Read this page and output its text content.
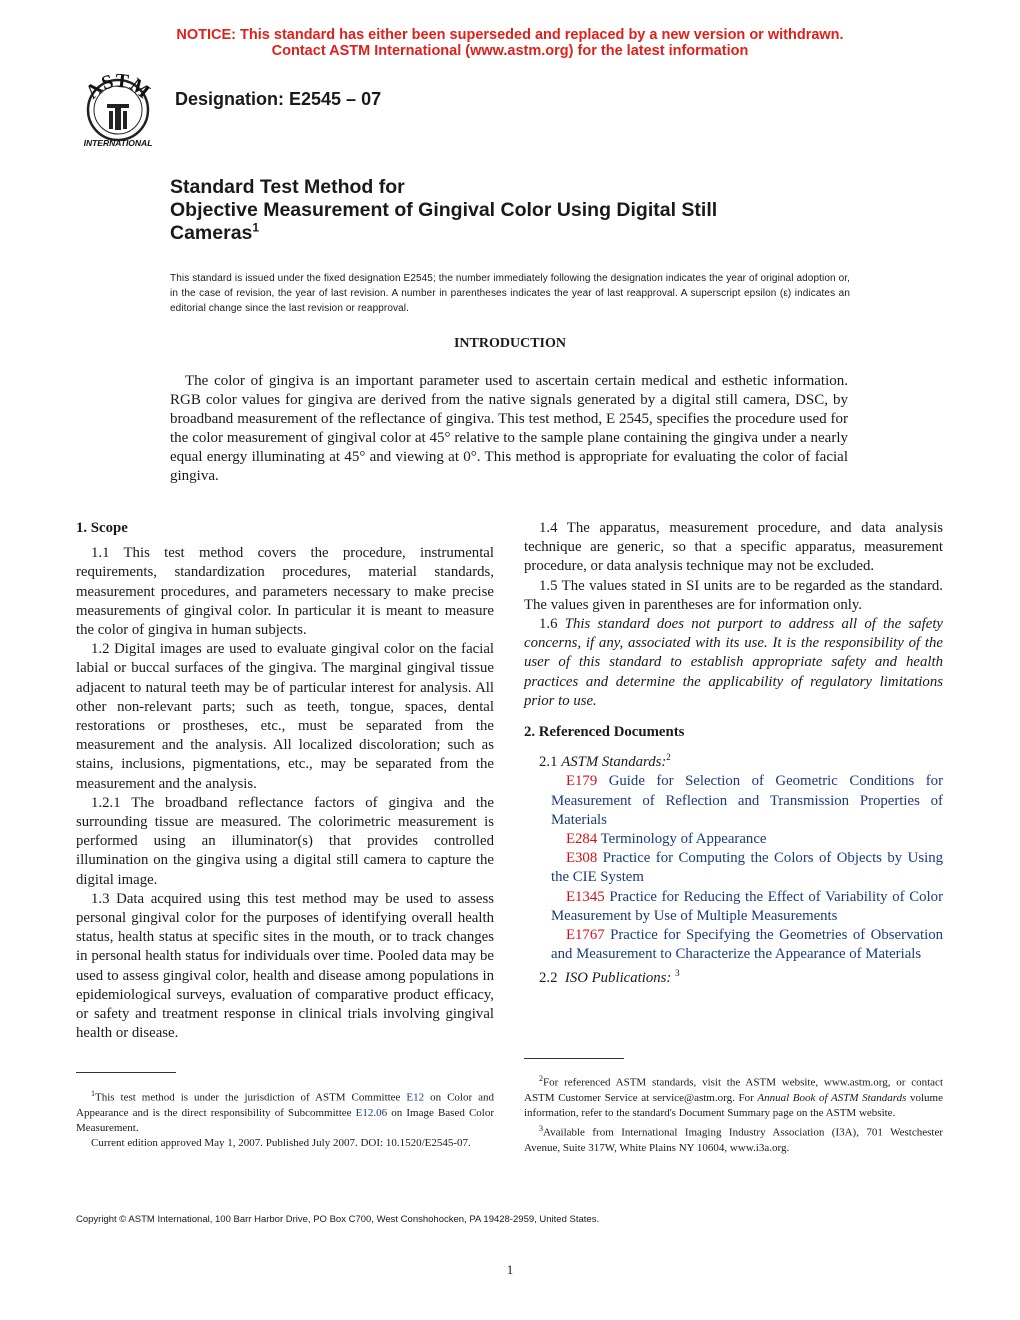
NOTICE: This standard has either been superseded and replaced by a new version or withdrawn.
Contact ASTM International (www.astm.org) for the latest information
ASTM
INTERNATIONAL
Designation: E2545 – 07
Standard Test Method for
Objective Measurement of Gingival Color Using Digital Still
Cameras$^1$
This standard is issued under the fixed designation E2545; the number immediately following the designation indicates the year of original adoption or, in the case of revision, the year of last revision. A number in parentheses indicates the year of last reapproval. A superscript epsilon (ε) indicates an editorial change since the last revision or reapproval.
INTRODUCTION

The color of gingiva is an important parameter used to ascertain certain medical and esthetic information. RGB color values for gingiva are derived from the native signals generated by a digital still camera, DSC, by broadband measurement of the reflectance of gingiva. This test method, E 2545, specifies the procedure used for the color measurement of gingival color at 45° relative to the sample plane containing the gingiva under a nearly equal energy illuminating at 45° and viewing at 0°. This method is appropriate for evaluating the color of facial gingiva.

1. Scope

1.1 This test method covers the procedure, instrumental requirements, standardization procedures, material standards, measurement procedures, and parameters necessary to make precise measurements of gingival color. In particular it is meant to measure the color of gingiva in human subjects.

1.2 Digital images are used to evaluate gingival color on the facial labial or buccal surfaces of the gingiva. The marginal gingival tissue adjacent to natural teeth may be of particular interest for analysis. All other non-relevant parts; such as teeth, tongue, spaces, dental restorations or prostheses, etc., must be separated from the measurement and the analysis. All localized discoloration; such as stains, inclusions, pigmentations, etc., may be separated from the measurement and the analysis.

1.2.1 The broadband reflectance factors of gingiva and the surrounding tissue are measured. The colorimetric measurement is performed using an illuminator(s) that provides controlled illumination on the gingiva using a digital still camera to capture the digital image.

1.3 Data acquired using this test method may be used to assess personal gingival color for the purposes of identifying overall health status, health status at specific sites in the mouth, or to track changes in personal health status for individuals over time. Pooled data may be used to assess gingival color, health and disease among populations in epidemiological surveys, evaluation of comparative product efficacy, or safety and treatment response in clinical trials involving gingival health or disease.

1.4 The apparatus, measurement procedure, and data analysis technique are generic, so that a specific apparatus, measurement procedure, or data analysis technique may not be excluded.

1.5 The values stated in SI units are to be regarded as the standard. The values given in parentheses are for information only.

1.6 This standard does not purport to address all of the safety concerns, if any, associated with its use. It is the responsibility of the user of this standard to establish appropriate safety and health practices and determine the applicability of regulatory limitations prior to use.

2. Referenced Documents

2.1 ASTM Standards:$^2$

E179 Guide for Selection of Geometric Conditions for Measurement of Reflection and Transmission Properties of Materials

E284 Terminology of Appearance

E308 Practice for Computing the Colors of Objects by Using the CIE System

E1345 Practice for Reducing the Effect of Variability of Color Measurement by Use of Multiple Measurements

E1767 Practice for Specifying the Geometries of Observation and Measurement to Characterize the Appearance of Materials

2.2 ISO Publications: $^3$

$^1$This test method is under the jurisdiction of ASTM Committee E12 on Color and Appearance and is the direct responsibility of Subcommittee E12.06 on Image Based Color Measurement.

Current edition approved May 1, 2007. Published July 2007. DOI: 10.1520/E2545-07.

$^2$For referenced ASTM standards, visit the ASTM website, www.astm.org, or contact ASTM Customer Service at service@astm.org. For Annual Book of ASTM Standards volume information, refer to the standard's Document Summary page on the ASTM website.

$^3$Available from International Imaging Industry Association (I3A), 701 Westchester Avenue, Suite 317W, White Plains NY 10604, www.i3a.org.

Copyright © ASTM International, 100 Barr Harbor Drive, PO Box C700, West Conshohocken, PA 19428-2959, United States.
1
